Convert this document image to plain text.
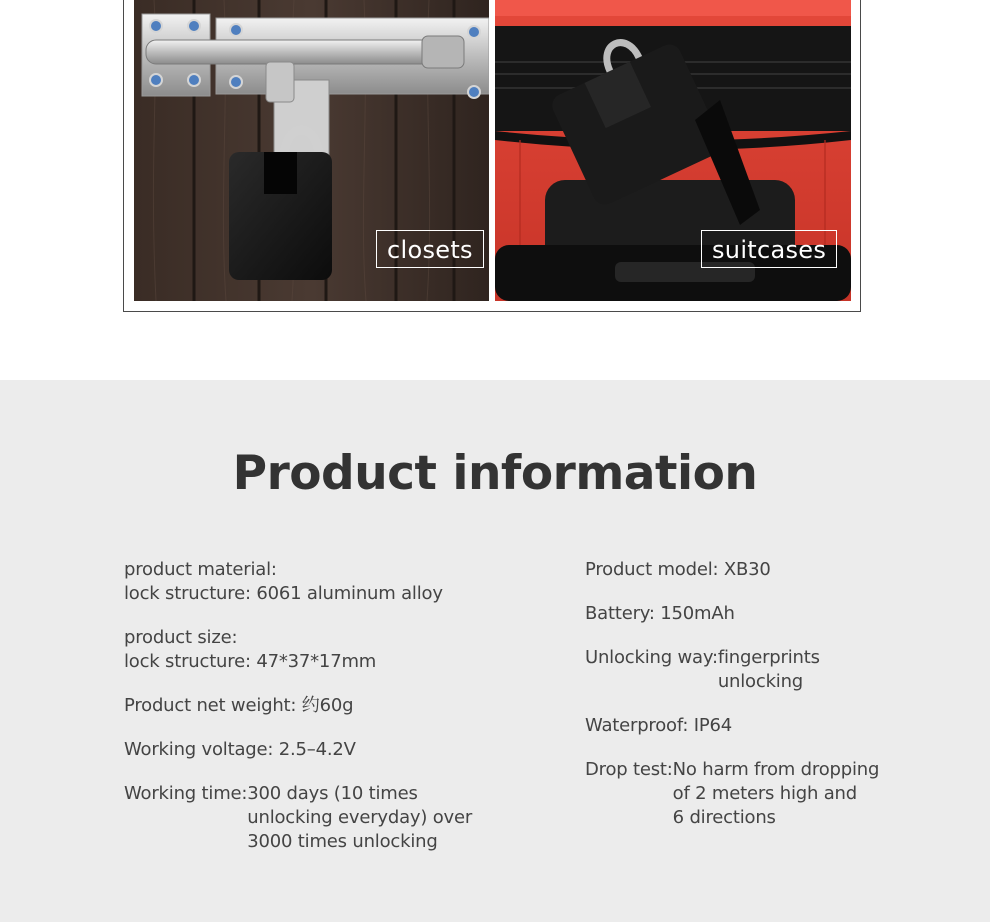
closets	suitcases
Product information
product material:
lock structure: 6061 aluminum alloy
product size:
lock structure: 47*37*17mm
Product net weight: 约60g
Working voltage: 2.5–4.2V
Working time: 300 days (10 times
unlocking everyday) over
3000 times unlocking
Product model: XB30
Battery: 150mAh
Unlocking way: fingerprints
unlocking
Waterproof: IP64
Drop test: No harm from dropping
of 2 meters high and
6 directions
